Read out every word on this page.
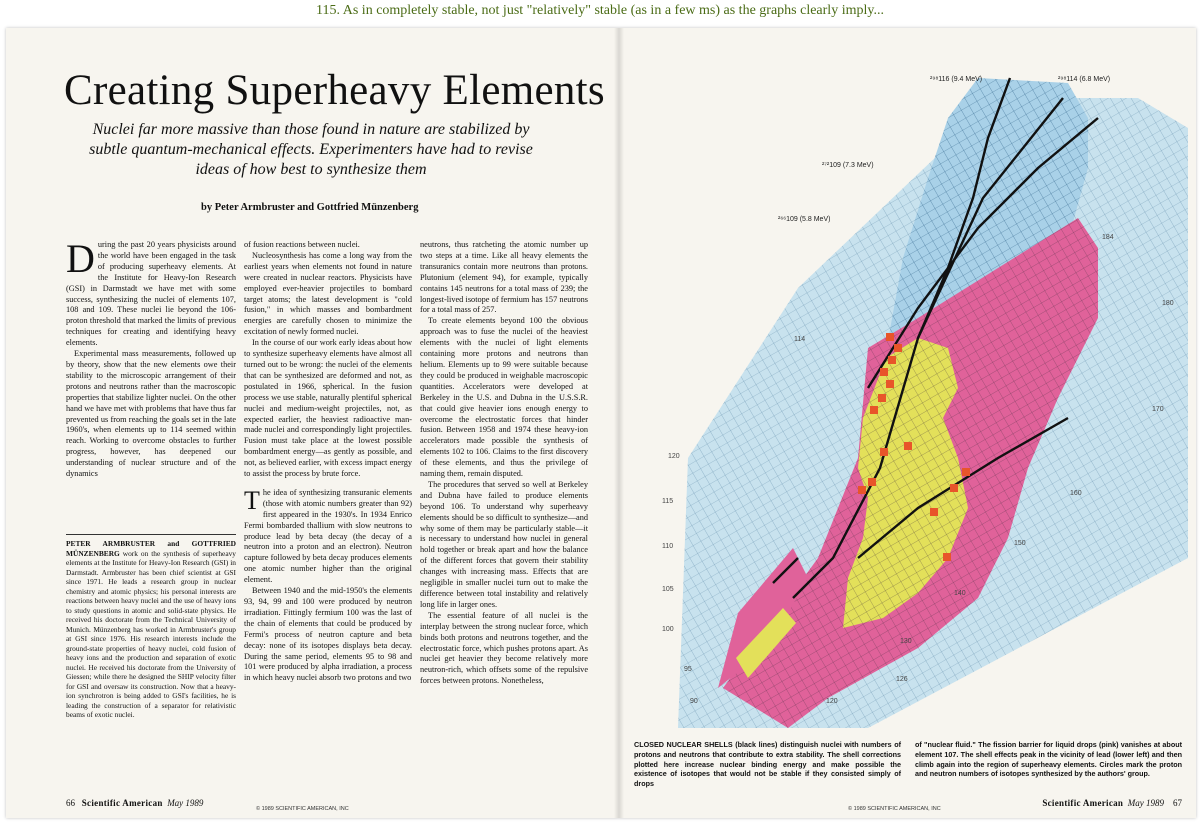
115. As in completely stable, not just "relatively" stable (as in a few ms) as the graphs clearly imply...
Creating Superheavy Elements
Nuclei far more massive than those found in nature are stabilized by subtle quantum-mechanical effects. Experimenters have had to revise ideas of how best to synthesize them
by Peter Armbruster and Gottfried Münzenberg

During the past 20 years physicists around the world have been engaged in the task of producing superheavy elements. At the Institute for Heavy-Ion Research (GSI) in Darmstadt we have met with some success, synthesizing the nuclei of elements 107, 108 and 109. These nuclei lie beyond the 106-proton threshold that marked the limits of previous techniques for creating and identifying heavy elements.

Experimental mass measurements, followed up by theory, show that the new elements owe their stability to the microscopic arrangement of their protons and neutrons rather than the macroscopic properties that stabilize lighter nuclei. On the other hand we have met with problems that have thus far prevented us from reaching the goals set in the late 1960's, when elements up to 114 seemed within reach. Working to overcome obstacles to further progress, however, has deepened our understanding of nuclear structure and of the dynamics

PETER ARMBRUSTER and GOTTFRIED MÜNZENBERG work on the synthesis of superheavy elements at the Institute for Heavy-Ion Research (GSI) in Darmstadt. Armbruster has been chief scientist at GSI since 1971. He leads a research group in nuclear chemistry and atomic physics; his personal interests are reactions between heavy nuclei and the use of heavy ions to study questions in atomic and solid-state physics. He received his doctorate from the Technical University of Munich. Münzenberg has worked in Armbruster's group at GSI since 1976. His research interests include the ground-state properties of heavy nuclei, cold fusion of heavy ions and the production and separation of exotic nuclei. He received his doctorate from the University of Giessen; while there he designed the SHIP velocity filter for GSI and oversaw its construction. Now that a heavy-ion synchrotron is being added to GSI's facilities, he is leading the construction of a separator for relativistic beams of exotic nuclei.

of fusion reactions between nuclei.

Nucleosynthesis has come a long way from the earliest years when elements not found in nature were created in nuclear reactors. Physicists have employed ever-heavier projectiles to bombard target atoms; the latest development is "cold fusion," in which masses and bombardment energies are carefully chosen to minimize the excitation of newly formed nuclei.

In the course of our work early ideas about how to synthesize superheavy elements have almost all turned out to be wrong: the nuclei of the elements that can be synthesized are deformed and not, as postulated in 1966, spherical. In the fusion process we use stable, naturally plentiful spherical nuclei and medium-weight projectiles, not, as expected earlier, the heaviest radioactive man-made nuclei and correspondingly light projectiles. Fusion must take place at the lowest possible bombardment energy—as gently as possible, and not, as believed earlier, with excess impact energy to assist the process by brute force.

The idea of synthesizing transuranic elements (those with atomic numbers greater than 92) first appeared in the 1930's. In 1934 Enrico Fermi bombarded thallium with slow neutrons to produce lead by beta decay (the decay of a neutron into a proton and an electron). Neutron capture followed by beta decay produces elements one atomic number higher than the original element.

Between 1940 and the mid-1950's the elements 93, 94, 99 and 100 were produced by neutron irradiation. Fittingly fermium 100 was the last of the chain of elements that could be produced by Fermi's process of neutron capture and beta decay: none of its isotopes displays beta decay. During the same period, elements 95 to 98 and 101 were produced by alpha irradiation, a process in which heavy nuclei absorb two protons and two

neutrons, thus ratcheting the atomic number up two steps at a time. Like all heavy elements the transuranics contain more neutrons than protons. Plutonium (element 94), for example, typically contains 145 neutrons for a total mass of 239; the longest-lived isotope of fermium has 157 neutrons for a total mass of 257.

To create elements beyond 100 the obvious approach was to fuse the nuclei of the heaviest elements with the nuclei of light elements containing more protons and neutrons than helium. Elements up to 99 were suitable because they could be produced in weighable macroscopic quantities. Accelerators were developed at Berkeley in the U.S. and Dubna in the U.S.S.R. that could give heavier ions enough energy to overcome the electrostatic forces that hinder fusion. Between 1958 and 1974 these heavy-ion accelerators made possible the synthesis of elements 102 to 106. Claims to the first discovery of these elements, and thus the privilege of naming them, remain disputed.

The procedures that served so well at Berkeley and Dubna have failed to produce elements beyond 106. To understand why superheavy elements should be so difficult to synthesize—and why some of them may be particularly stable—it is necessary to understand how nuclei in general hold together or break apart and how the balance of the different forces that govern their stability changes with increasing mass. Effects that are negligible in smaller nuclei turn out to make the difference between total instability and relatively long life in larger ones.

The essential feature of all nuclei is the interplay between the strong nuclear force, which binds both protons and neutrons together, and the electrostatic force, which pushes protons apart. As nuclei get heavier they become relatively more neutron-rich, which offsets some of the repulsive forces between protons. Nonetheless,

66 Scientific American May 1989
© 1989 SCIENTIFIC AMERICAN, INC
²⁹⁸116 (9.4 MeV)	²⁹⁸114 (6.8 MeV)
²⁷²109 (7.3 MeV)
²⁶⁶109 (5.8 MeV)
90
95
100
105
110
115
120
114
120
126
130
140
150
160
170
180
184
CLOSED NUCLEAR SHELLS (black lines) distinguish nuclei with numbers of protons and neutrons that contribute to extra stability. The shell corrections plotted here increase nuclear binding energy and make possible the existence of isotopes that would not be stable if they consisted simply of drops
of "nuclear fluid." The fission barrier for liquid drops (pink) vanishes at about element 107. The shell effects peak in the vicinity of lead (lower left) and then climb again into the region of superheavy elements. Circles mark the proton and neutron numbers of isotopes synthesized by the authors' group.
© 1989 SCIENTIFIC AMERICAN, INC
Scientific American May 1989 67
